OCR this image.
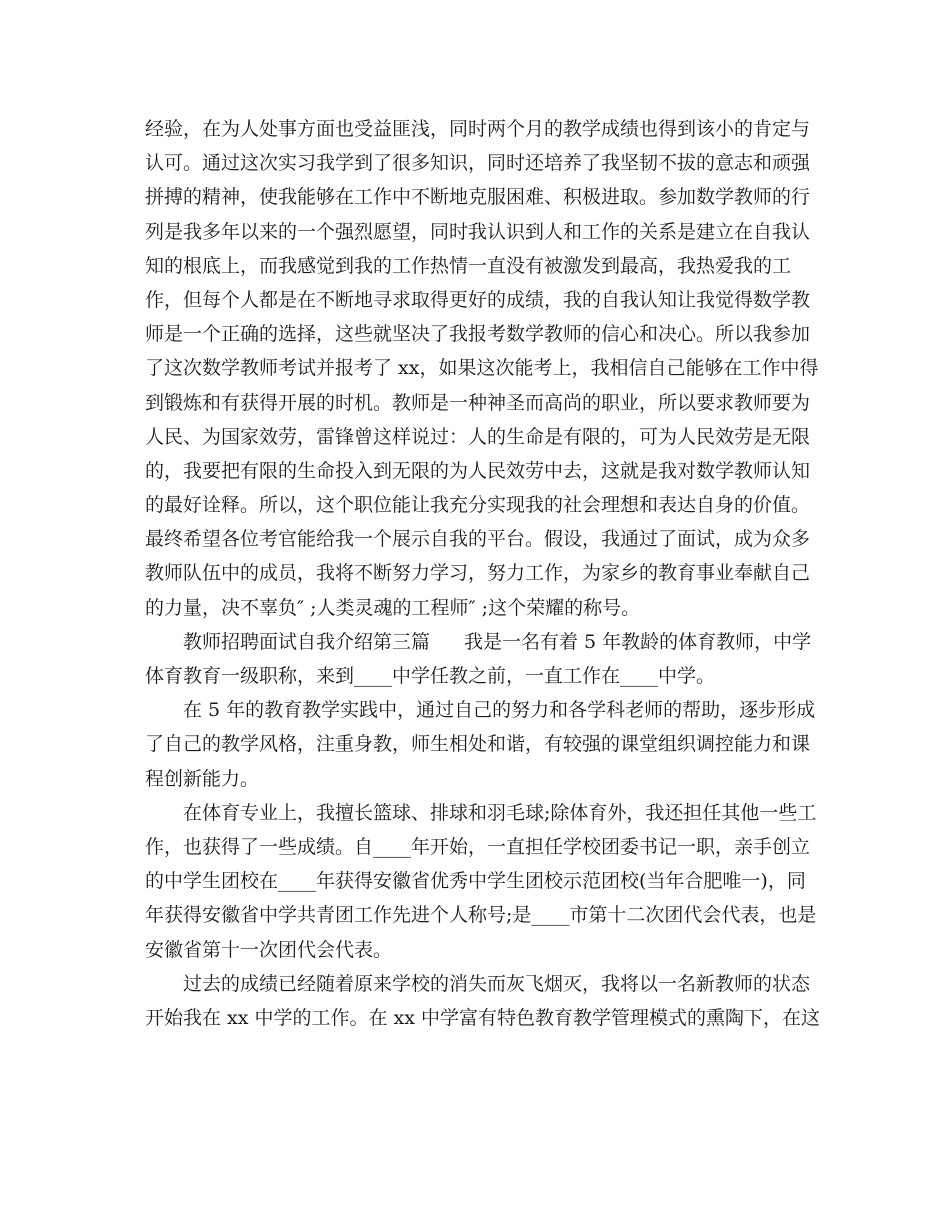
经验，在为人处事方面也受益匪浅，同时两个月的教学成绩也得到该小的肯定与
认可。通过这次实习我学到了很多知识，同时还培养了我坚韧不拔的意志和顽强
拼搏的精神，使我能够在工作中不断地克服困难、积极进取。参加数学教师的行
列是我多年以来的一个强烈愿望，同时我认识到人和工作的关系是建立在自我认
知的根底上，而我感觉到我的工作热情一直没有被激发到最高，我热爱我的工
作，但每个人都是在不断地寻求取得更好的成绩，我的自我认知让我觉得数学教
师是一个正确的选择，这些就坚决了我报考数学教师的信心和决心。所以我参加
了这次数学教师考试并报考了 xx，如果这次能考上，我相信自己能够在工作中得
到锻炼和有获得开展的时机。教师是一种神圣而高尚的职业，所以要求教师要为
人民、为国家效劳，雷锋曾这样说过：人的生命是有限的，可为人民效劳是无限
的，我要把有限的生命投入到无限的为人民效劳中去，这就是我对数学教师认知
的最好诠释。所以，这个职位能让我充分实现我的社会理想和表达自身的价值。
最终希望各位考官能给我一个展示自我的平台。假设，我通过了面试，成为众多
教师队伍中的成员，我将不断努力学习，努力工作，为家乡的教育事业奉献自己
的力量，决不辜负″ ;人类灵魂的工程师″ ;这个荣耀的称号。
教师招聘面试自我介绍第三篇 我是一名有着 5 年教龄的体育教师，中学
体育教育一级职称，来到____中学任教之前，一直工作在____中学。
在 5 年的教育教学实践中，通过自己的努力和各学科老师的帮助，逐步形成
了自己的教学风格，注重身教，师生相处和谐，有较强的课堂组织调控能力和课
程创新能力。
在体育专业上，我擅长篮球、排球和羽毛球;除体育外，我还担任其他一些工
作，也获得了一些成绩。自____年开始，一直担任学校团委书记一职，亲手创立
的中学生团校在____年获得安徽省优秀中学生团校示范团校(当年合肥唯一)，同
年获得安徽省中学共青团工作先进个人称号;是____市第十二次团代会代表，也是
安徽省第十一次团代会代表。
过去的成绩已经随着原来学校的消失而灰飞烟灭，我将以一名新教师的状态
开始我在 xx 中学的工作。在 xx 中学富有特色教育教学管理模式的熏陶下，在这
